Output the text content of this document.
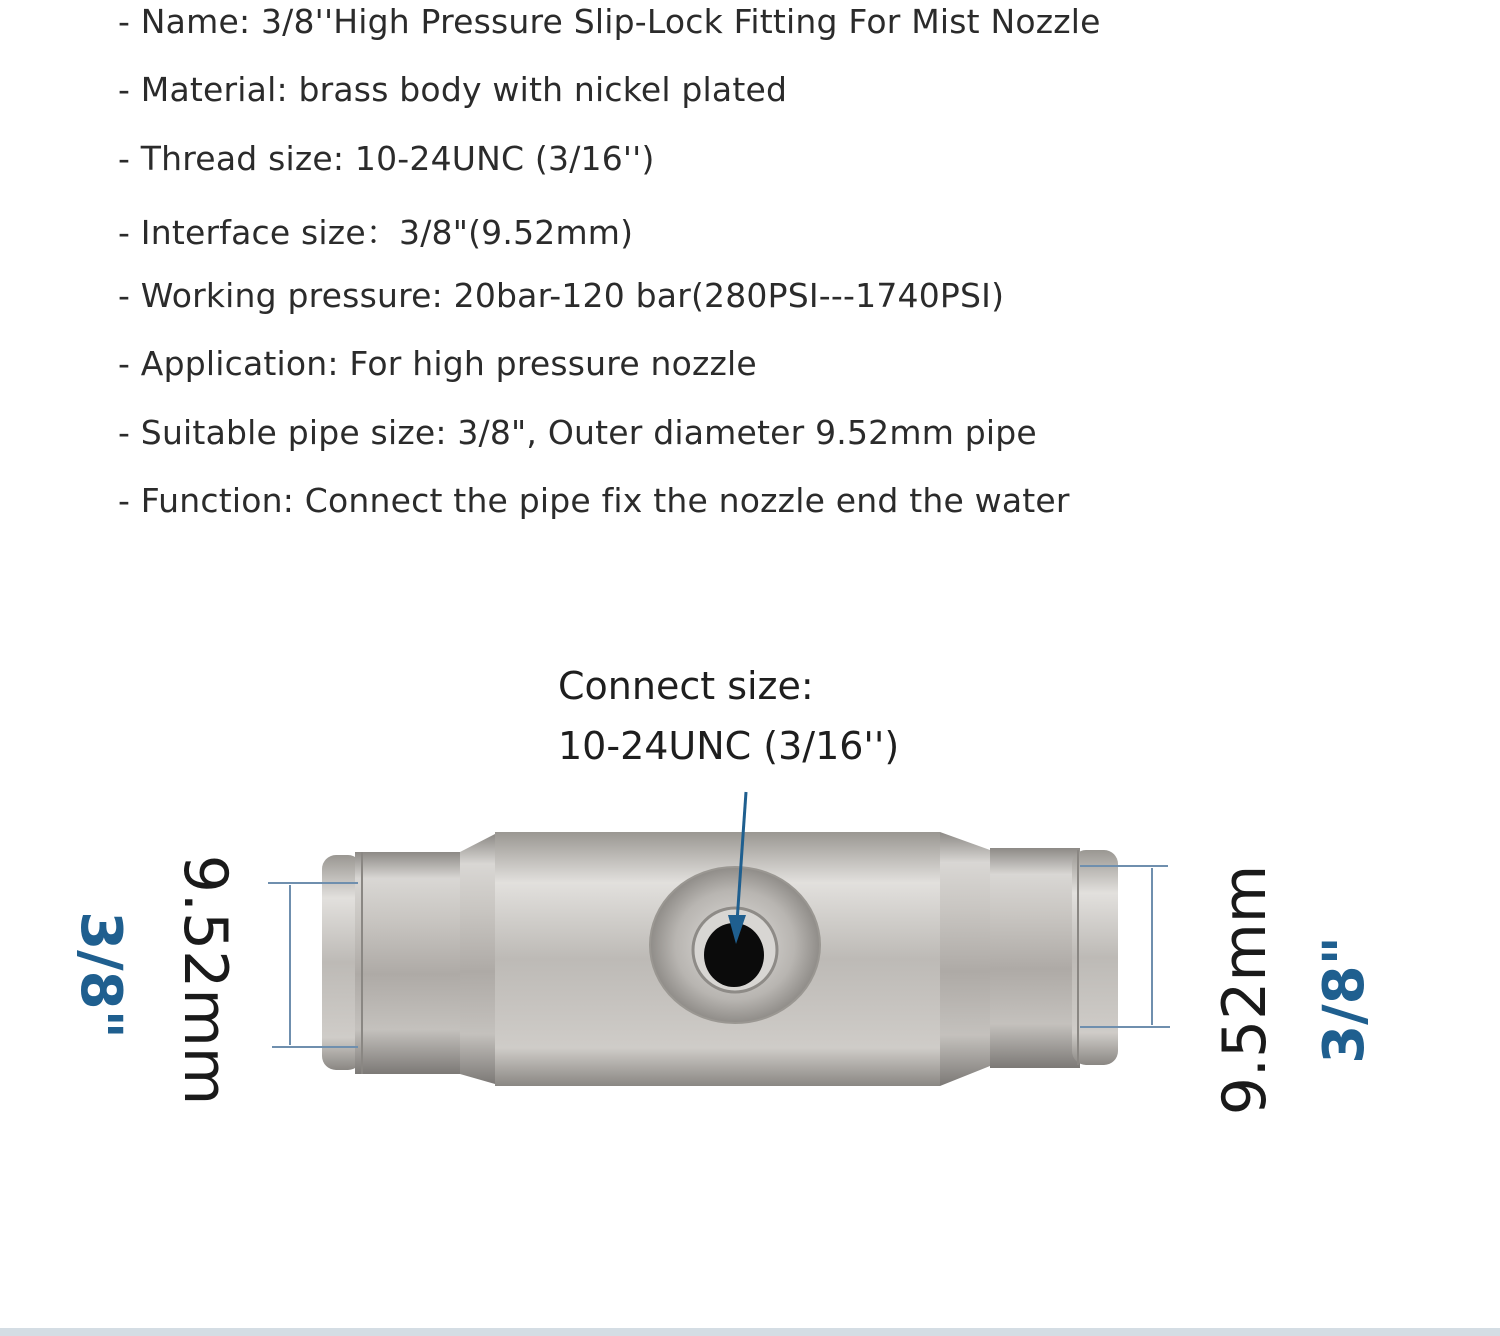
- Name: 3/8''High Pressure Slip-Lock Fitting For Mist Nozzle
- Material: brass body with nickel plated
- Thread size: 10-24UNC (3/16'')
- Interface size：3/8"(9.52mm)
- Working pressure: 20bar-120 bar(280PSI---1740PSI)
- Application: For high pressure nozzle
- Suitable pipe size: 3/8", Outer diameter 9.52mm pipe
- Function: Connect the pipe fix the nozzle end the water
Connect size:
10-24UNC (3/16'')
3/8" 9.52mm	9.52mm 3/8"
